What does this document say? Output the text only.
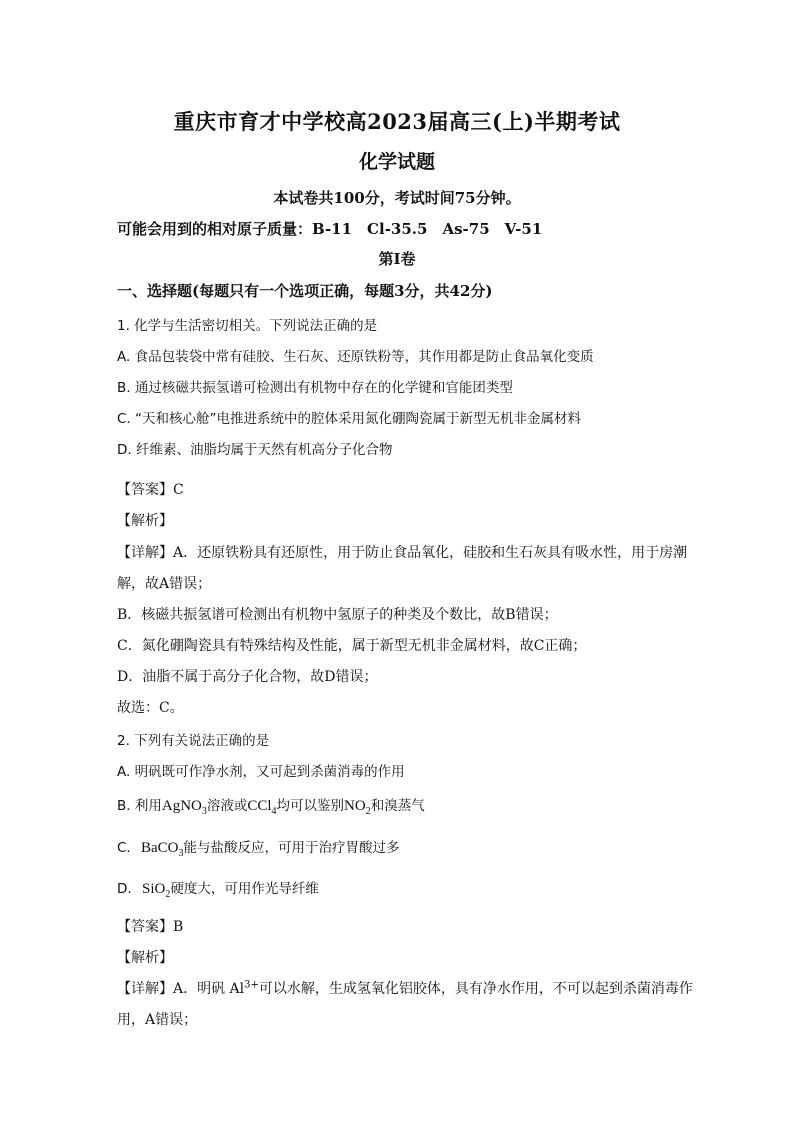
重庆市育才中学校高2023届高三(上)半期考试
化学试题
本试卷共100分，考试时间75分钟。
可能会用到的相对原子质量：B-11　Cl-35.5　As-75　V-51
第I卷
一、选择题(每题只有一个选项正确，每题3分，共42分)
1. 化学与生活密切相关。下列说法正确的是
A. 食品包装袋中常有硅胶、生石灰、还原铁粉等，其作用都是防止食品氧化变质
B. 通过核磁共振氢谱可检测出有机物中存在的化学键和官能团类型
C. “天和核心舱”电推进系统中的腔体采用氮化硼陶瓷属于新型无机非金属材料
D. 纤维素、油脂均属于天然有机高分子化合物
【答案】C
【解析】
【详解】A．还原铁粉具有还原性，用于防止食品氧化，硅胶和生石灰具有吸水性，用于房潮
解，故A错误；
B．核磁共振氢谱可检测出有机物中氢原子的种类及个数比，故B错误；
C．氮化硼陶瓷具有特殊结构及性能，属于新型无机非金属材料，故C正确；
D．油脂不属于高分子化合物，故D错误；
故选：C。
2. 下列有关说法正确的是
A. 明矾既可作净水剂，又可起到杀菌消毒的作用
B. 利用AgNO$_3$溶液或CCl$_4$均可以鉴别$NO_2$和溴蒸气
C. BaCO$_3$能与盐酸反应，可用于治疗胃酸过多
D. SiO$_2$硬度大，可用作光导纤维
【答案】B
【解析】
【详解】A．明矾 $Al^{3+}$可以水解，生成氢氧化铝胶体，具有净水作用，不可以起到杀菌消毒作
用，A错误；
